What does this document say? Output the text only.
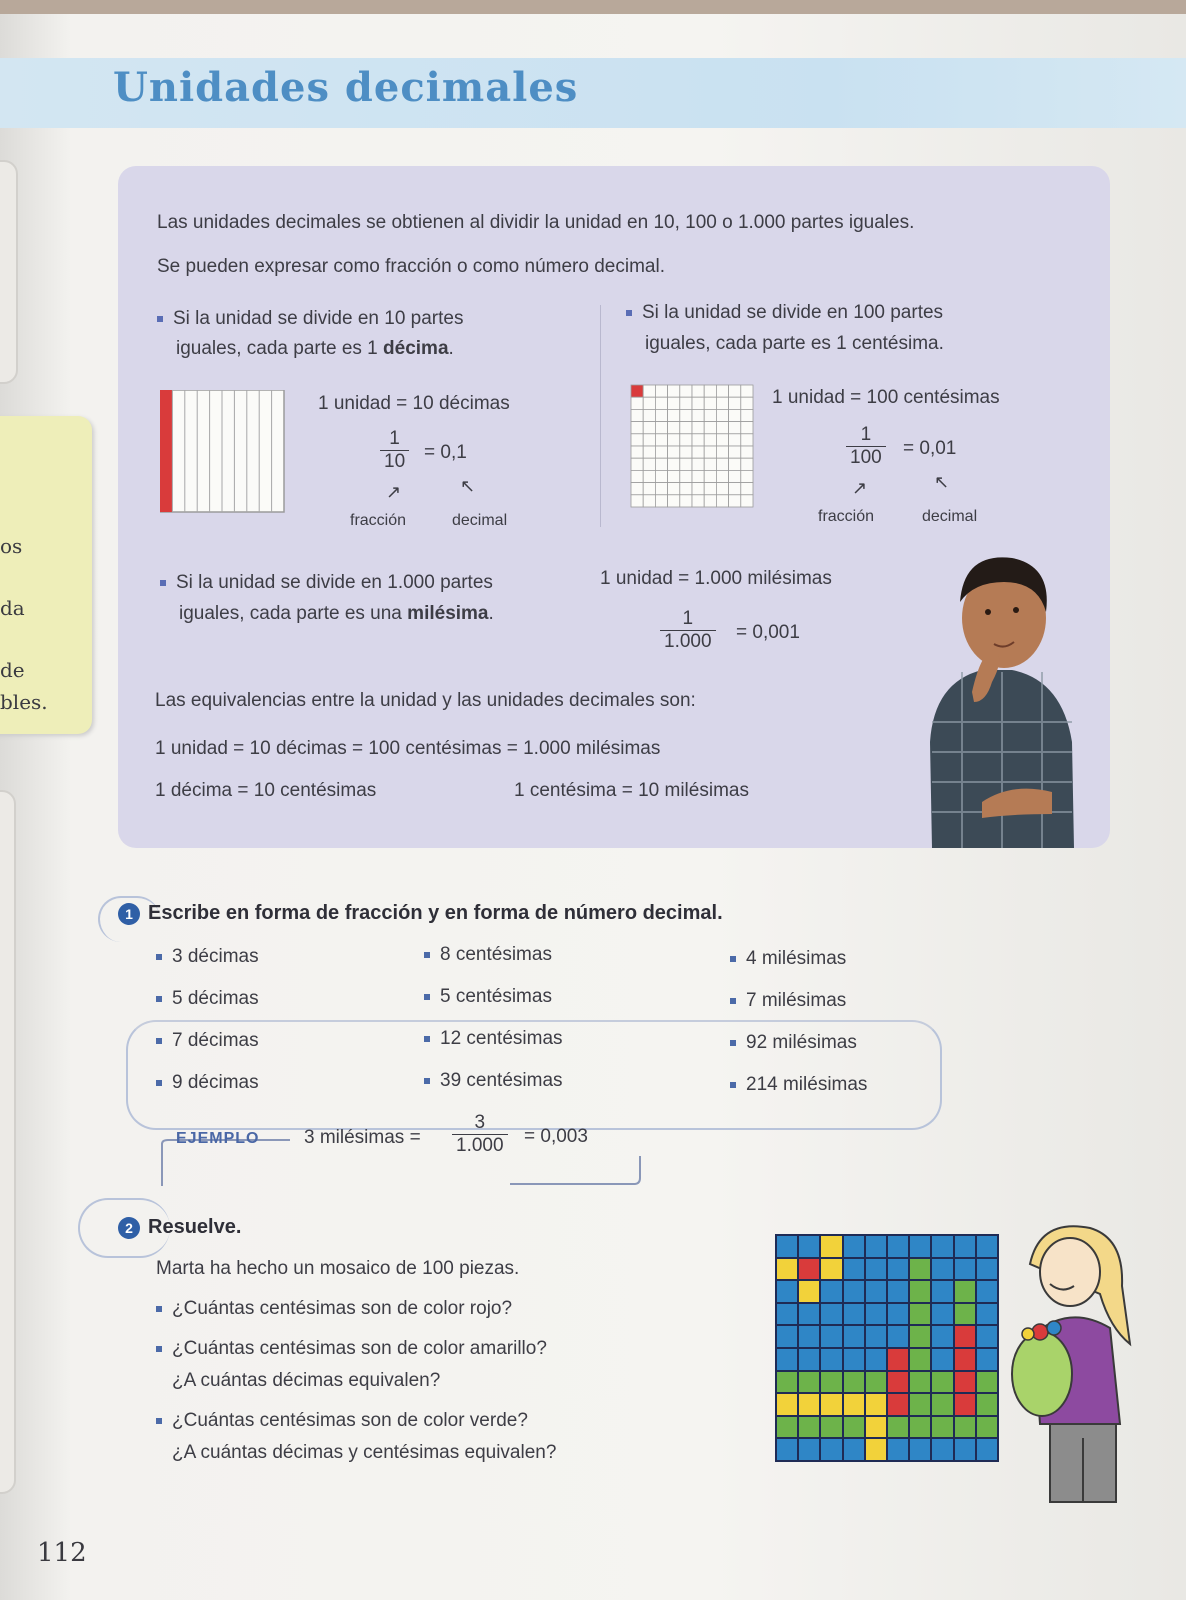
os
da
de
bles.
Unidades decimales
Las unidades decimales se obtienen al dividir la unidad en 10, 100 o 1.000 partes iguales.
Se pueden expresar como fracción o como número decimal.
Si la unidad se divide en 10 partes
iguales, cada parte es 1 décima.
1 unidad = 10 décimas
$\frac{1}{10} = 0,1$
↗	↖
fracción	decimal
Si la unidad se divide en 100 partes
iguales, cada parte es 1 centésima.
1 unidad = 100 centésimas
$\frac{1}{100} = 0,01$
↗	↖
fracción	decimal
Si la unidad se divide en 1.000 partes
iguales, cada parte es una milésima.
1 unidad = 1.000 milésimas
$\frac{1}{1.000} = 0,001$
Las equivalencias entre la unidad y las unidades decimales son:
1 unidad = 10 décimas = 100 centésimas = 1.000 milésimas
1 décima = 10 centésimas	1 centésima = 10 milésimas
1 Escribe en forma de fracción y en forma de número decimal.
3 décimas
5 décimas
7 décimas
9 décimas
8 centésimas
5 centésimas
12 centésimas
39 centésimas
4 milésimas
7 milésimas
92 milésimas
214 milésimas
EJEMPLO 3 milésimas = $\frac{3}{1.000} = 0,003$
2 Resuelve.
Marta ha hecho un mosaico de 100 piezas.
¿Cuántas centésimas son de color rojo?
¿Cuántas centésimas son de color amarillo?
¿A cuántas décimas equivalen?
¿Cuántas centésimas son de color verde?
¿A cuántas décimas y centésimas equivalen?
112
